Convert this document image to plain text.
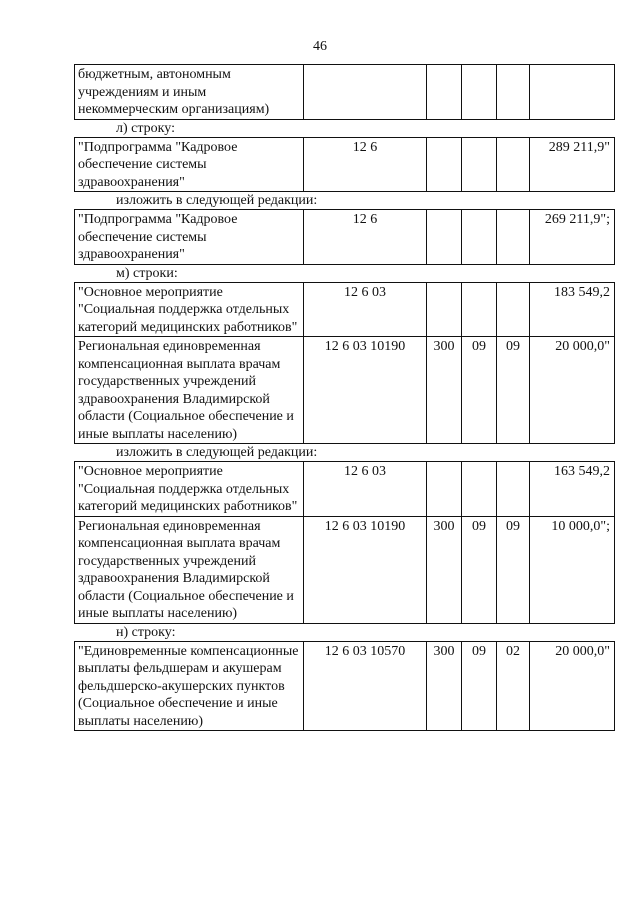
46
бюджетным, автономным учреждениям и иным некоммерческим организациям)					
л) строку:
"Подпрограмма "Кадровое обеспечение системы здравоохранения"	12 6				289 211,9"
изложить в следующей редакции:
"Подпрограмма "Кадровое обеспечение системы здравоохранения"	12 6				269 211,9";
м) строки:
"Основное мероприятие "Социальная поддержка отдельных категорий медицинских работников"	12 6 03				183 549,2
Региональная единовременная компенсационная выплата врачам государственных учреждений здравоохранения Владимирской области (Социальное обеспечение и иные выплаты населению)	12 6 03 10190	300	09	09	20 000,0"
изложить в следующей редакции:
"Основное мероприятие "Социальная поддержка отдельных категорий медицинских работников"	12 6 03				163 549,2
Региональная единовременная компенсационная выплата врачам государственных учреждений здравоохранения Владимирской области (Социальное обеспечение и иные выплаты населению)	12 6 03 10190	300	09	09	10 000,0";
н) строку:
"Единовременные компенсационные выплаты фельдшерам и акушерам фельдшерско-акушерских пунктов (Социальное обеспечение и иные выплаты населению)	12 6 03 10570	300	09	02	20 000,0"
